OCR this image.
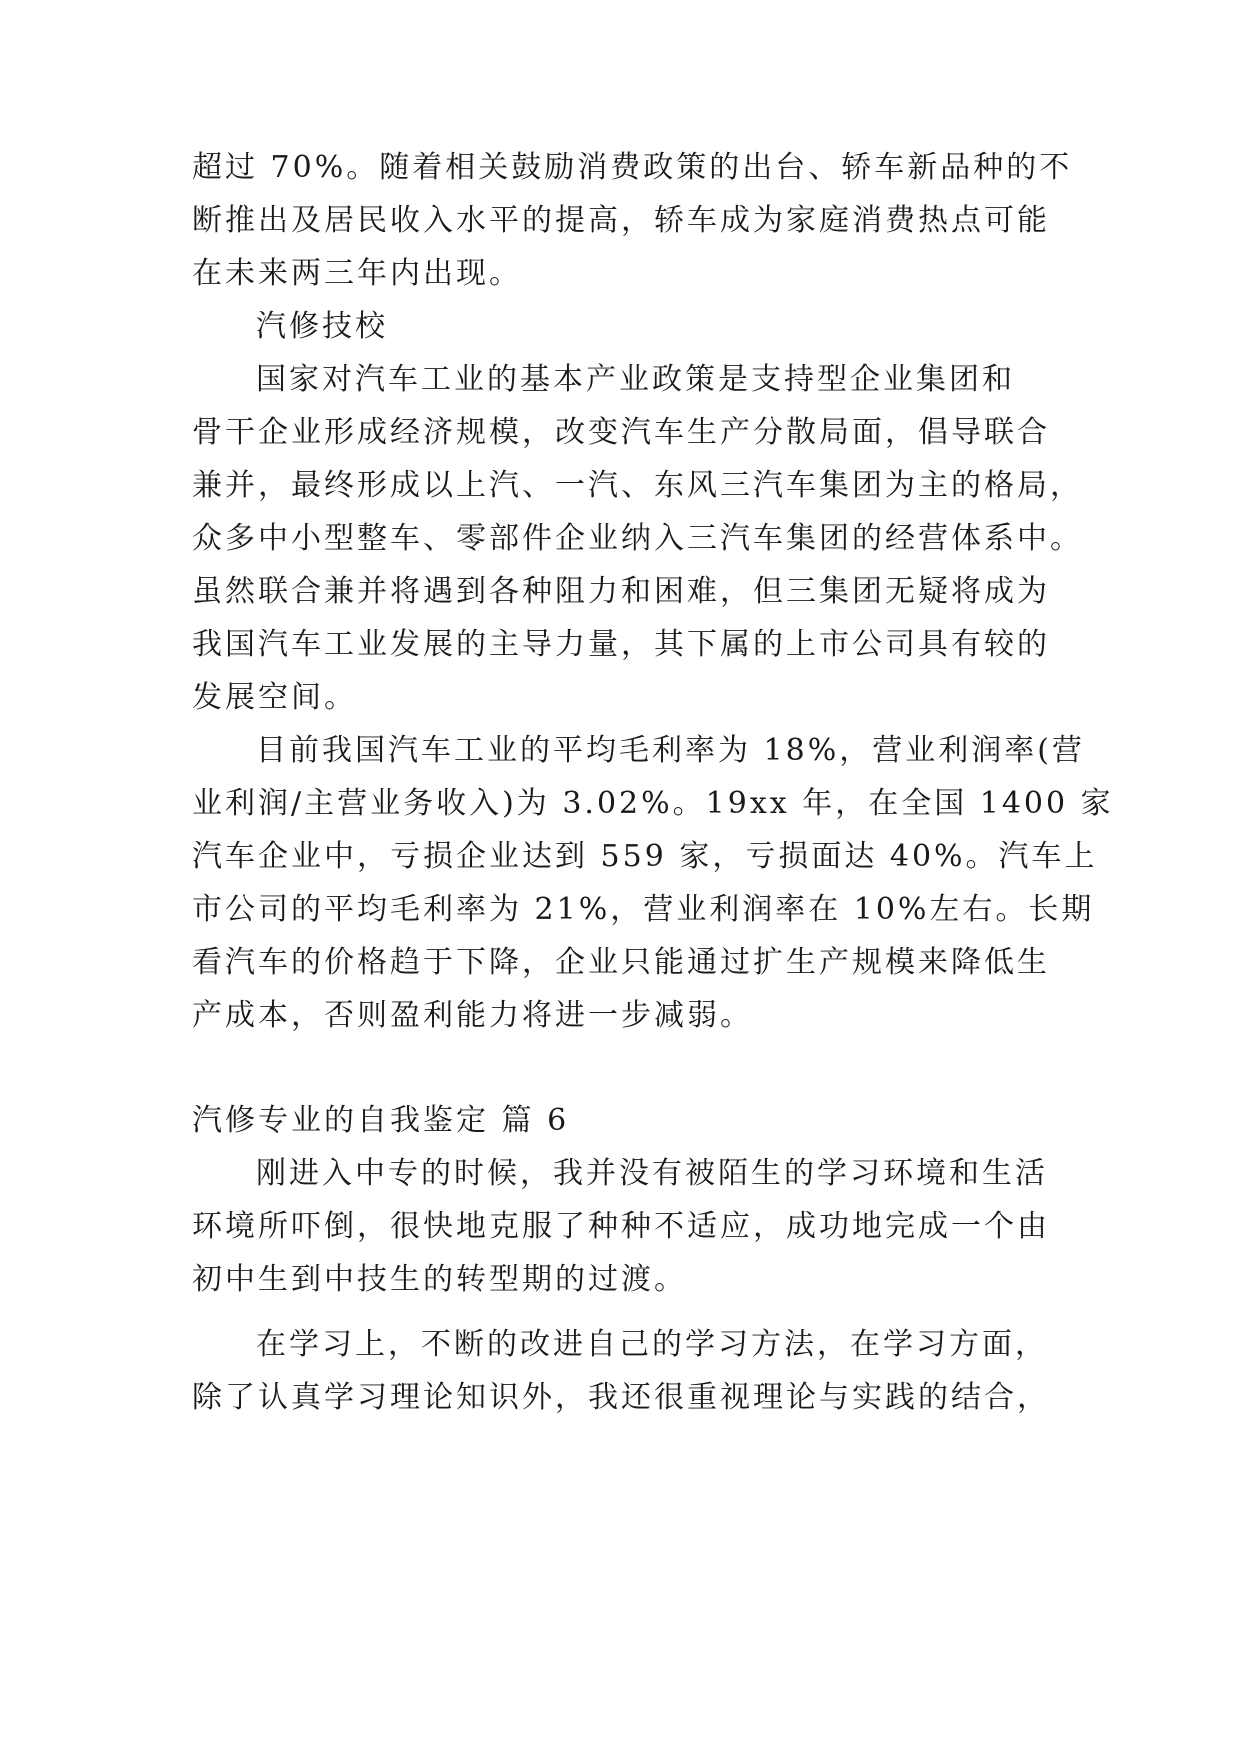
超过 70%。随着相关鼓励消费政策的出台、轿车新品种的不
断推出及居民收入水平的提高，轿车成为家庭消费热点可能
在未来两三年内出现。
汽修技校
国家对汽车工业的基本产业政策是支持型企业集团和
骨干企业形成经济规模，改变汽车生产分散局面，倡导联合
兼并，最终形成以上汽、一汽、东风三汽车集团为主的格局，
众多中小型整车、零部件企业纳入三汽车集团的经营体系中。
虽然联合兼并将遇到各种阻力和困难，但三集团无疑将成为
我国汽车工业发展的主导力量，其下属的上市公司具有较的
发展空间。
目前我国汽车工业的平均毛利率为 18%，营业利润率(营
业利润/主营业务收入)为 3.02%。19xx 年，在全国 1400 家
汽车企业中，亏损企业达到 559 家，亏损面达 40%。汽车上
市公司的平均毛利率为 21%，营业利润率在 10%左右。长期
看汽车的价格趋于下降，企业只能通过扩生产规模来降低生
产成本，否则盈利能力将进一步减弱。
汽修专业的自我鉴定 篇 6
刚进入中专的时候，我并没有被陌生的学习环境和生活
环境所吓倒，很快地克服了种种不适应，成功地完成一个由
初中生到中技生的转型期的过渡。
在学习上，不断的改进自己的学习方法，在学习方面，
除了认真学习理论知识外，我还很重视理论与实践的结合，
